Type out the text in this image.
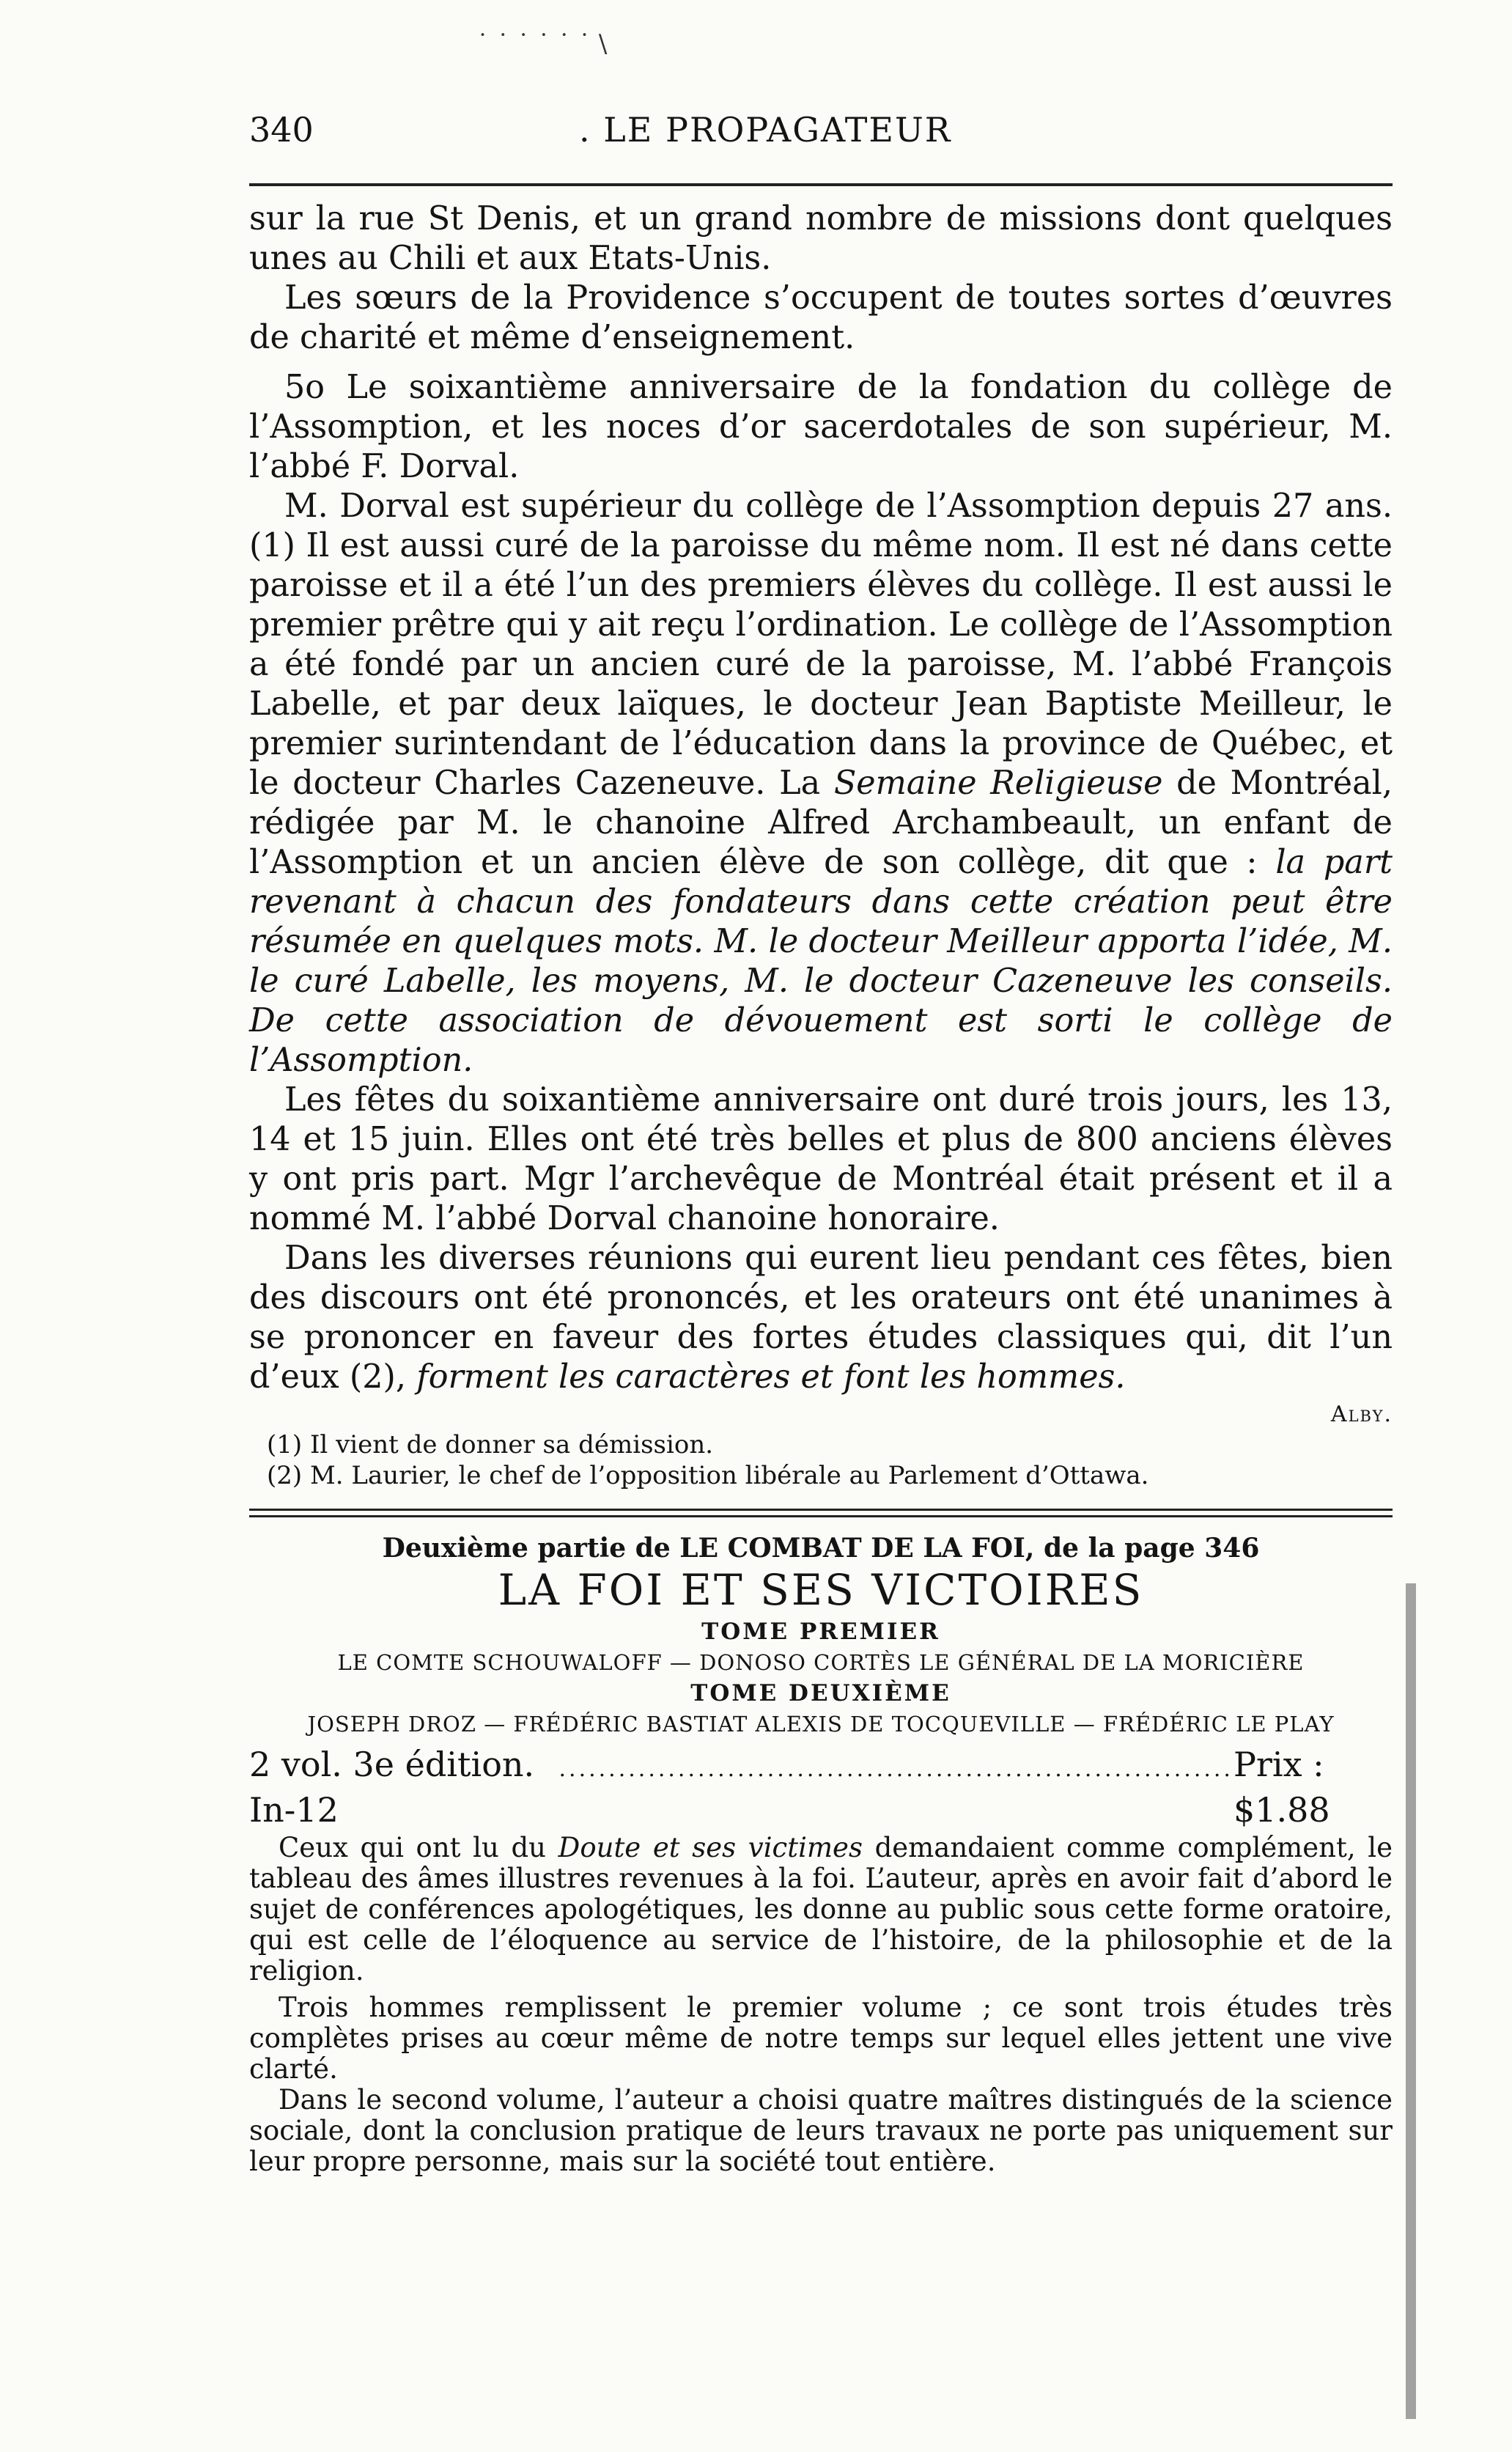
˙ ˙ ˙ ˙ ˙ ˙ \
340	. LE PROPAGATEUR

sur la rue St Denis, et un grand nombre de missions dont quelques unes au Chili et aux Etats-Unis.

Les sœurs de la Providence s’occupent de toutes sortes d’œuvres de charité et même d’enseignement.

5o Le soixantième anniversaire de la fondation du collège de l’Assomption, et les noces d’or sacerdotales de son supérieur, M. l’abbé F. Dorval.

M. Dorval est supérieur du collège de l’Assomption depuis 27 ans. (1) Il est aussi curé de la paroisse du même nom. Il est né dans cette paroisse et il a été l’un des premiers élèves du collège. Il est aussi le premier prêtre qui y ait reçu l’ordination. Le collège de l’Assomption a été fondé par un ancien curé de la paroisse, M. l’abbé François Labelle, et par deux laïques, le docteur Jean Baptiste Meilleur, le premier surintendant de l’éducation dans la province de Québec, et le docteur Charles Cazeneuve. La Semaine Religieuse de Montréal, rédigée par M. le chanoine Alfred Archambeault, un enfant de l’Assomption et un ancien élève de son collège, dit que : la part revenant à chacun des fondateurs dans cette création peut être résumée en quelques mots. M. le docteur Meilleur apporta l’idée, M. le curé Labelle, les moyens, M. le docteur Cazeneuve les conseils. De cette association de dévouement est sorti le collège de l’Assomption.

Les fêtes du soixantième anniversaire ont duré trois jours, les 13, 14 et 15 juin. Elles ont été très belles et plus de 800 anciens élèves y ont pris part. Mgr l’archevêque de Montréal était présent et il a nommé M. l’abbé Dorval chanoine honoraire.

Dans les diverses réunions qui eurent lieu pendant ces fêtes, bien des discours ont été prononcés, et les orateurs ont été unanimes à se prononcer en faveur des fortes études classiques qui, dit l’un d’eux (2), forment les caractères et font les hommes.

Alby.

(1) Il vient de donner sa démission.

(2) M. Laurier, le chef de l’opposition libérale au Parlement d’Ottawa.

Deuxième partie de LE COMBAT DE LA FOI, de la page 346
LA FOI ET SES VICTOIRES
TOME PREMIER
LE COMTE SCHOUWALOFF — DONOSO CORTÈS LE GÉNÉRAL DE LA MORICIÈRE
TOME DEUXIÈME
JOSEPH DROZ — FRÉDÉRIC BASTIAT ALEXIS DE TOCQUEVILLE — FRÉDÉRIC LE PLAY
2 vol. 3e édition. In-12
.................................................................... Prix : $1.88

Ceux qui ont lu du Doute et ses victimes demandaient comme complément, le tableau des âmes illustres revenues à la foi. L’auteur, après en avoir fait d’abord le sujet de conférences apologétiques, les donne au public sous cette forme oratoire, qui est celle de l’éloquence au service de l’histoire, de la philosophie et de la religion.

Trois hommes remplissent le premier volume ; ce sont trois études très complètes prises au cœur même de notre temps sur lequel elles jettent une vive clarté.

Dans le second volume, l’auteur a choisi quatre maîtres distingués de la science sociale, dont la conclusion pratique de leurs travaux ne porte pas uniquement sur leur propre personne, mais sur la société tout entière.
